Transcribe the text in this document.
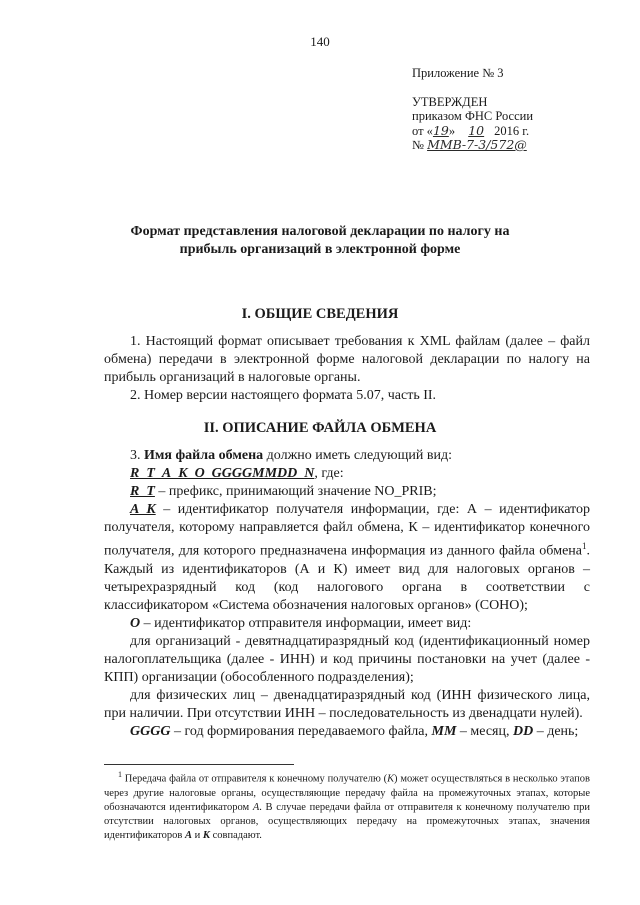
140
Приложение № 3
УТВЕРЖДЕН
приказом ФНС России
от «19» 10 2016 г.
№ ММВ-7-3/572@
Формат представления налоговой декларации по налогу на
прибыль организаций в электронной форме
I. ОБЩИЕ СВЕДЕНИЯ

1. Настоящий формат описывает требования к XML файлам (далее – файл обмена) передачи в электронной форме налоговой декларации по налогу на прибыль организаций в налоговые органы.

2. Номер версии настоящего формата 5.07, часть II.

II. ОПИСАНИЕ ФАЙЛА ОБМЕНА

3. Имя файла обмена должно иметь следующий вид:

R_T_A_K_O_GGGGMMDD_N, где:

R_T – префикс, принимающий значение NO_PRIB;

A_K – идентификатор получателя информации, где: А – идентификатор получателя, которому направляется файл обмена, К – идентификатор конечного получателя, для которого предназначена информация из данного файла обмена$^1$. Каждый из идентификаторов (А и К) имеет вид для налоговых органов – четырехразрядный код (код налогового органа в соответствии с классификатором «Система обозначения налоговых органов» (СОНО);

O – идентификатор отправителя информации, имеет вид:

для организаций - девятнадцатиразрядный код (идентификационный номер налогоплательщика (далее - ИНН) и код причины постановки на учет (далее - КПП) организации (обособленного подразделения);

для физических лиц – двенадцатиразрядный код (ИНН физического лица, при наличии. При отсутствии ИНН – последовательность из двенадцати нулей).

GGGG – год формирования передаваемого файла, MM – месяц, DD – день;

$^1$ Передача файла от отправителя к конечному получателю (К) может осуществляться в несколько этапов через другие налоговые органы, осуществляющие передачу файла на промежуточных этапах, которые обозначаются идентификатором А. В случае передачи файла от отправителя к конечному получателю при отсутствии налоговых органов, осуществляющих передачу на промежуточных этапах, значения идентификаторов А и К совпадают.
